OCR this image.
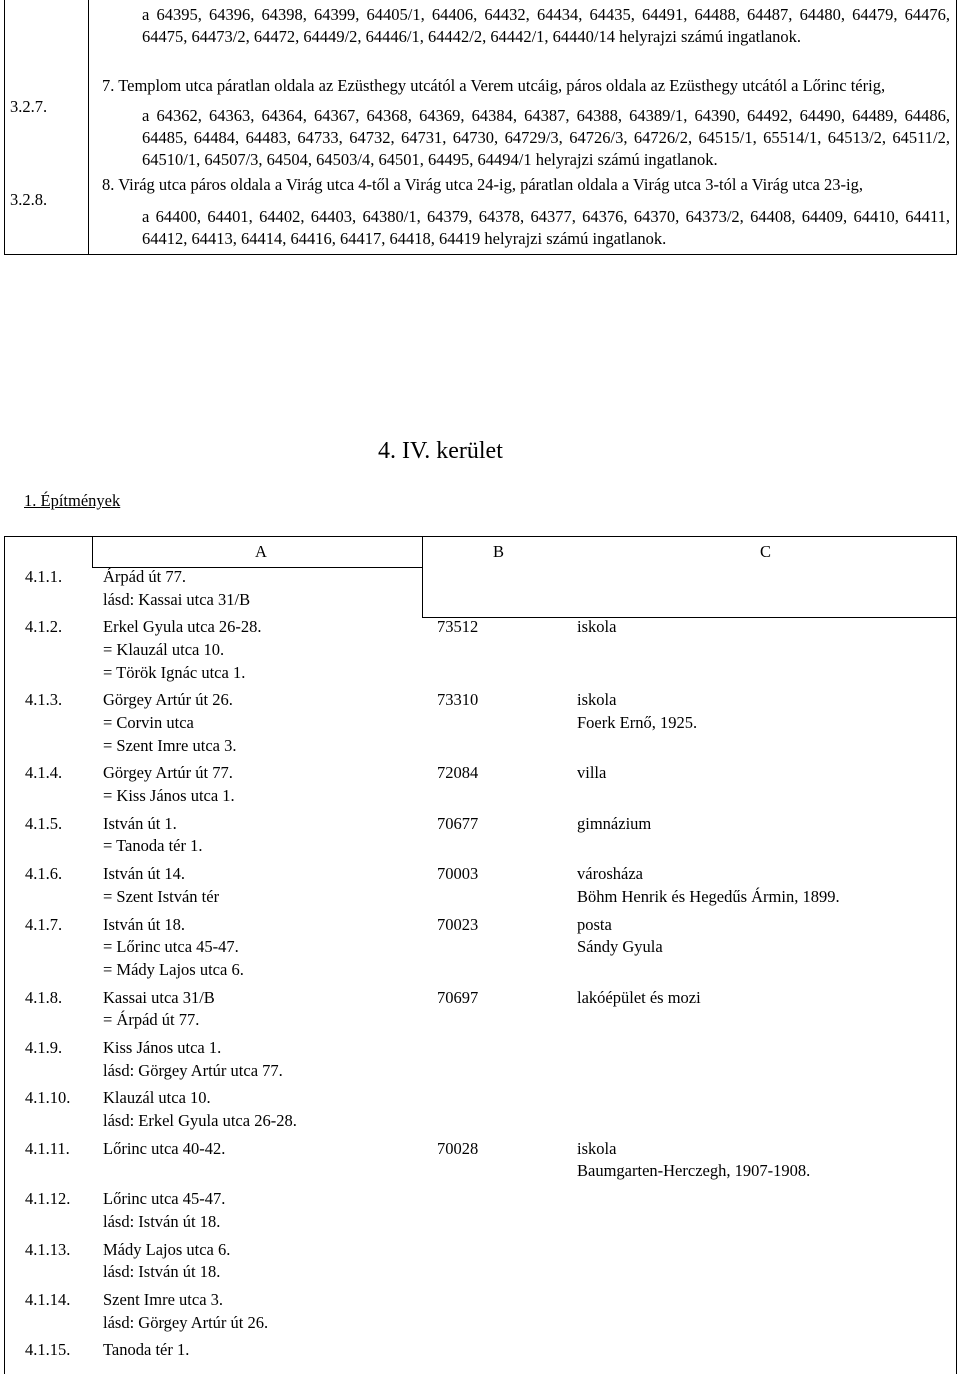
a 64395, 64396, 64398, 64399, 64405/1, 64406, 64432, 64434, 64435, 64491, 64488, 64487, 64480, 64479, 64476, 64475, 64473/2, 64472, 64449/2, 64446/1, 64442/2, 64442/1, 64440/14 helyrajzi számú ingatlanok.

3.2.7.

7. Templom utca páratlan oldala az Ezüsthegy utcától a Verem utcáig, páros oldala az Ezüsthegy utcától a Lőrinc térig,

a 64362, 64363, 64364, 64367, 64368, 64369, 64384, 64387, 64388, 64389/1, 64390, 64492, 64490, 64489, 64486, 64485, 64484, 64483, 64733, 64732, 64731, 64730, 64729/3, 64726/3, 64726/2, 64515/1, 65514/1, 64513/2, 64511/2, 64510/1, 64507/3, 64504, 64503/4, 64501, 64495, 64494/1 helyrajzi számú ingatlanok.

3.2.8.

8. Virág utca páros oldala a Virág utca 4-től a Virág utca 24-ig, páratlan oldala a Virág utca 3-tól a Virág utca 23-ig,

a 64400, 64401, 64402, 64403, 64380/1, 64379, 64378, 64377, 64376, 64370, 64373/2, 64408, 64409, 64410, 64411, 64412, 64413, 64414, 64416, 64417, 64418, 64419 helyrajzi számú ingatlanok.

4. IV. kerület
1. Építmények
A	B	C
4.1.1. Árpád út 77.
lásd: Kassai utca 31/B
4.1.2. Erkel Gyula utca 26-28.
= Klauzál utca 10.
= Török Ignác utca 1.
73512	iskola
4.1.3. Görgey Artúr út 26.
= Corvin utca
= Szent Imre utca 3.
73310	iskola
Foerk Ernő, 1925.
4.1.4. Görgey Artúr út 77.
= Kiss János utca 1.
72084	villa
4.1.5. István út 1.
= Tanoda tér 1.
70677	gimnázium
4.1.6. István út 14.
= Szent István tér
70003	városháza
Böhm Henrik és Hegedűs Ármin, 1899.
4.1.7. István út 18.
= Lőrinc utca 45-47.
= Mády Lajos utca 6.
70023	posta
Sándy Gyula
4.1.8. Kassai utca 31/B
= Árpád út 77.
70697	lakóépület és mozi
4.1.9. Kiss János utca 1.
lásd: Görgey Artúr utca 77.
4.1.10. Klauzál utca 10.
lásd: Erkel Gyula utca 26-28.
4.1.11. Lőrinc utca 40-42.	70028	iskola
Baumgarten-Herczegh, 1907-1908.
4.1.12. Lőrinc utca 45-47.
lásd: István út 18.
4.1.13. Mády Lajos utca 6.
lásd: István út 18.
4.1.14. Szent Imre utca 3.
lásd: Görgey Artúr út 26.
4.1.15. Tanoda tér 1.
